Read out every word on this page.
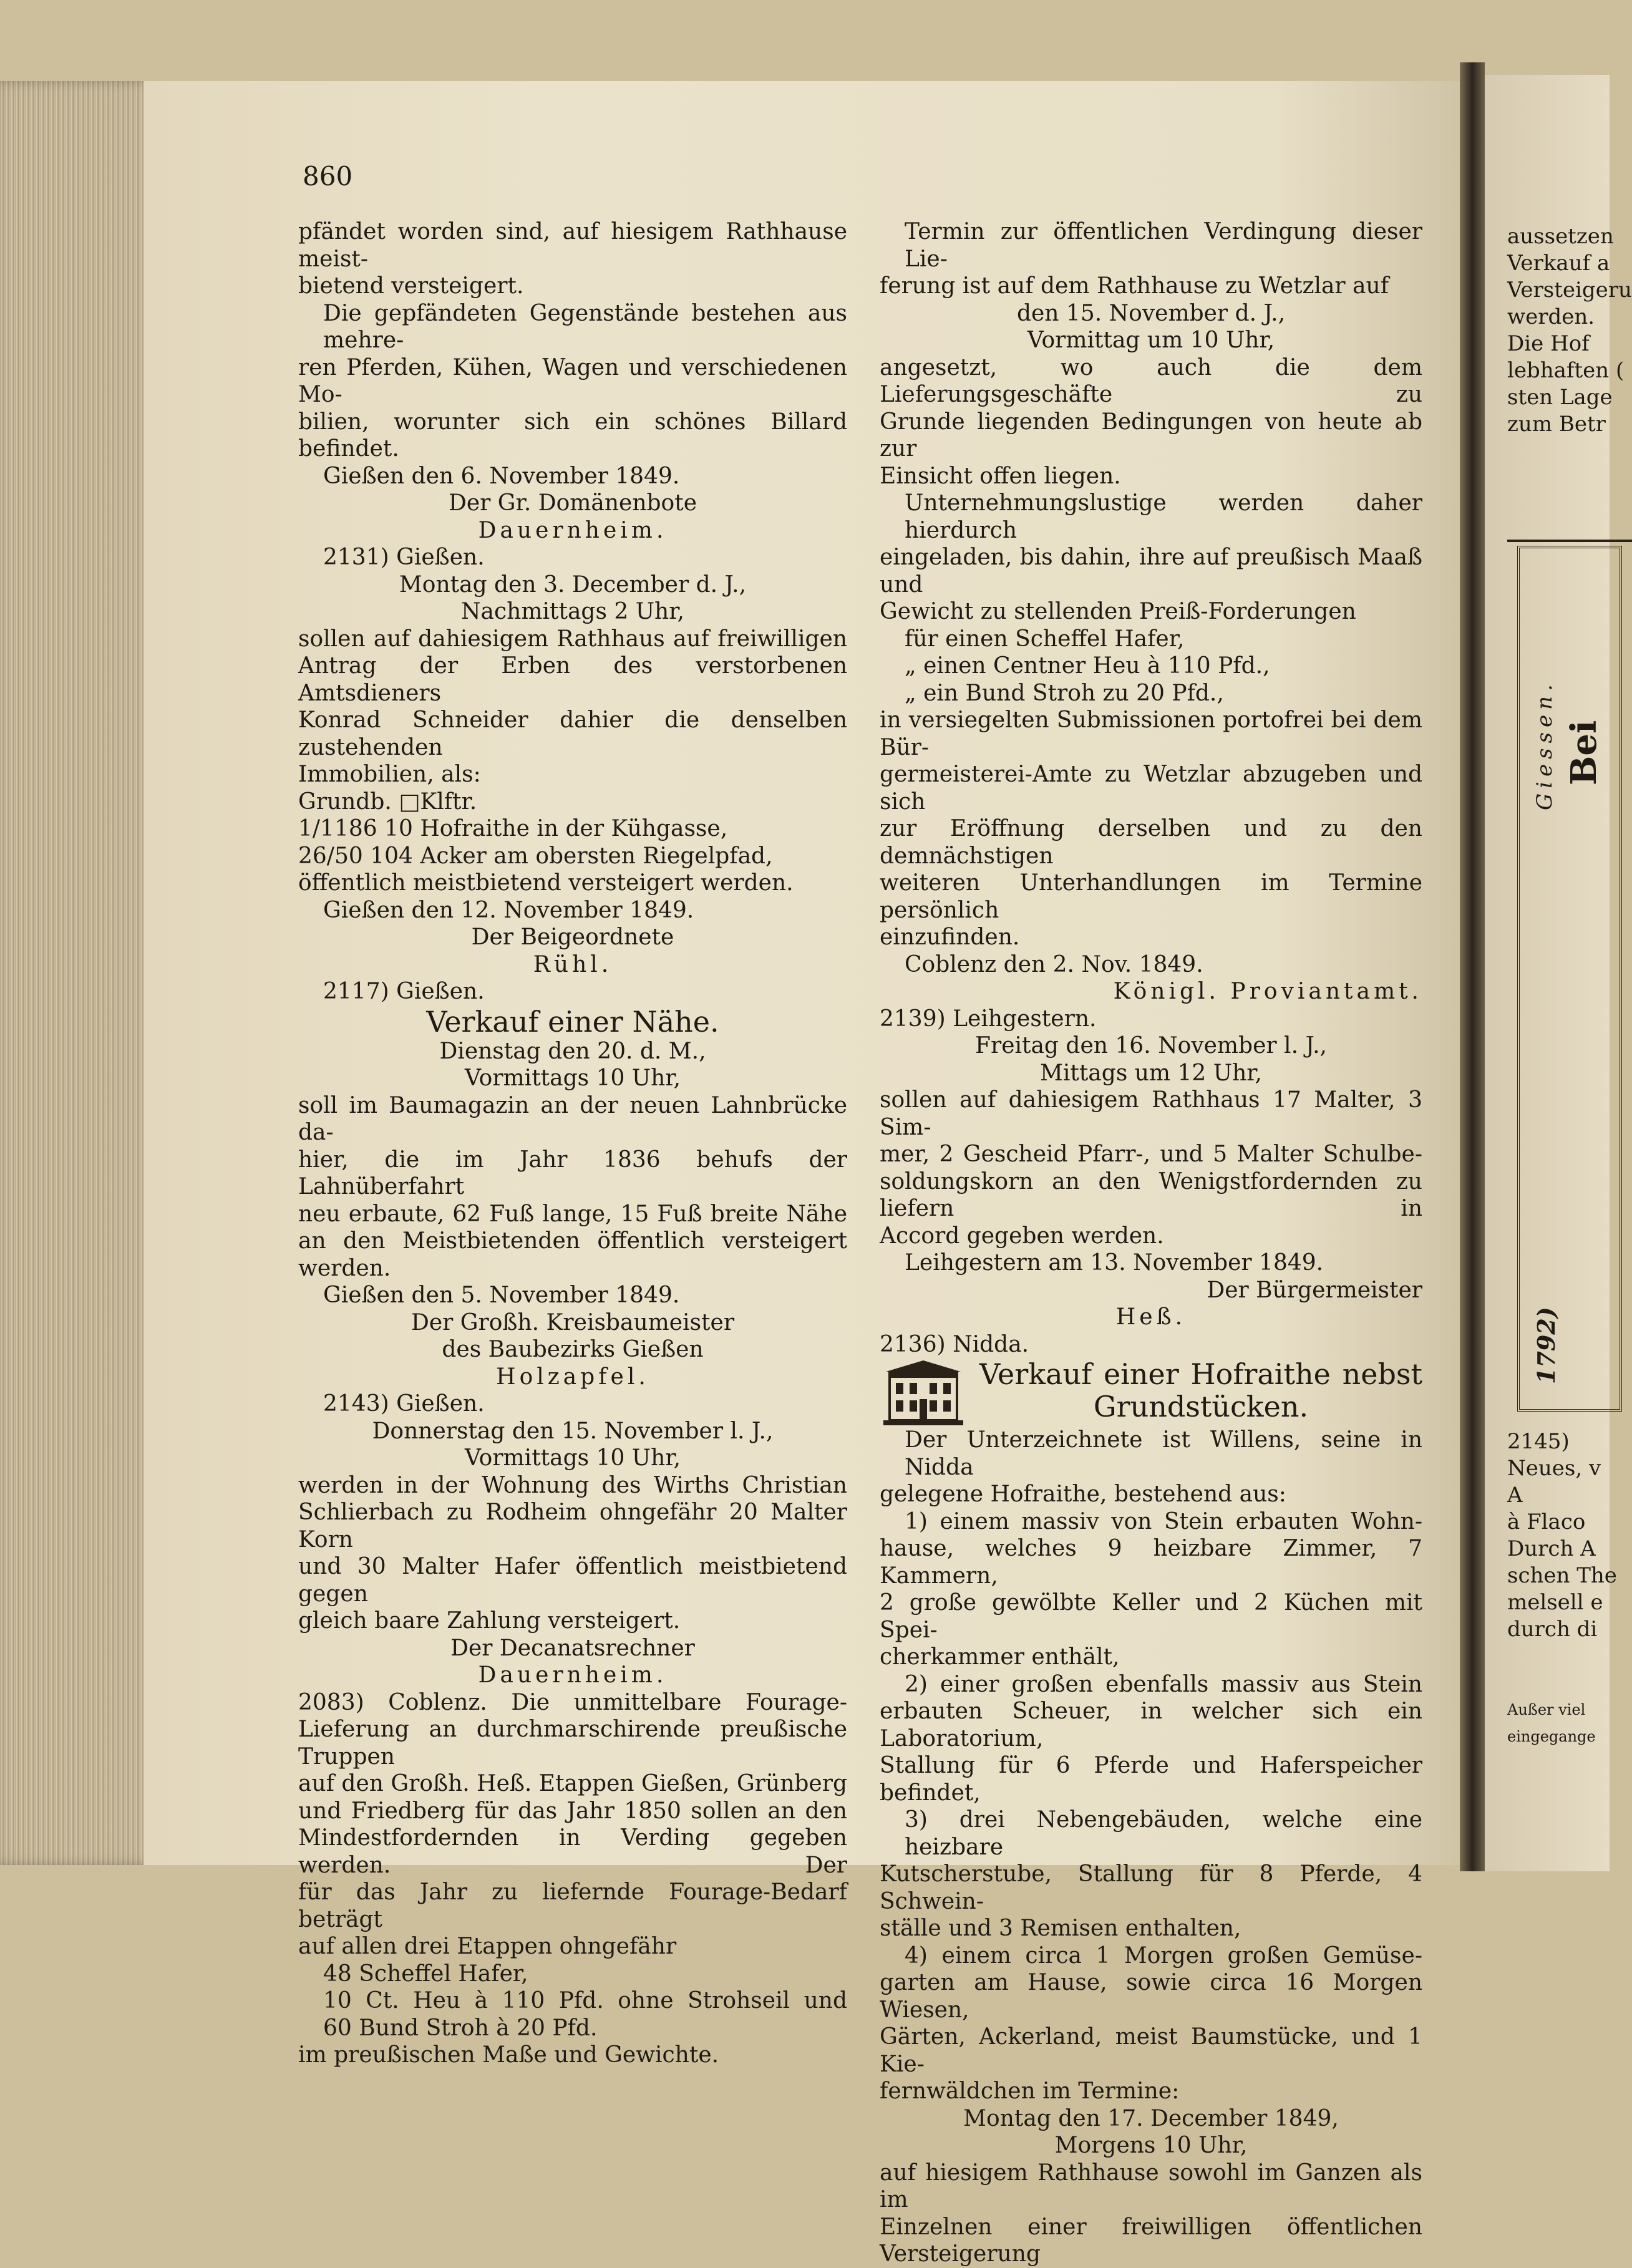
860
pfändet worden sind, auf hiesigem Rathhause meist-
bietend versteigert.
Die gepfändeten Gegenstände bestehen aus mehre-
ren Pferden, Kühen, Wagen und verschiedenen Mo-
bilien, worunter sich ein schönes Billard befindet.
Gießen den 6. November 1849.
Der Gr. Domänenbote
Dauernheim.
2131) Gießen.
Montag den 3. December d. J.,
Nachmittags 2 Uhr,
sollen auf dahiesigem Rathhaus auf freiwilligen
Antrag der Erben des verstorbenen Amtsdieners
Konrad Schneider dahier die denselben zustehenden
Immobilien, als:
Grundb. □Klftr.
1/1186 10 Hofraithe in der Kühgasse,
26/50 104 Acker am obersten Riegelpfad,
öffentlich meistbietend versteigert werden.
Gießen den 12. November 1849.
Der Beigeordnete
Rühl.
2117) Gießen.
Verkauf einer Nähe.
Dienstag den 20. d. M.,
Vormittags 10 Uhr,
soll im Baumagazin an der neuen Lahnbrücke da-
hier, die im Jahr 1836 behufs der Lahnüberfahrt
neu erbaute, 62 Fuß lange, 15 Fuß breite Nähe
an den Meistbietenden öffentlich versteigert werden.
Gießen den 5. November 1849.
Der Großh. Kreisbaumeister
des Baubezirks Gießen
Holzapfel.
2143) Gießen.
Donnerstag den 15. November l. J.,
Vormittags 10 Uhr,
werden in der Wohnung des Wirths Christian
Schlierbach zu Rodheim ohngefähr 20 Malter Korn
und 30 Malter Hafer öffentlich meistbietend gegen
gleich baare Zahlung versteigert.
Der Decanatsrechner
Dauernheim.
2083) Coblenz. Die unmittelbare Fourage-
Lieferung an durchmarschirende preußische Truppen
auf den Großh. Heß. Etappen Gießen, Grünberg
und Friedberg für das Jahr 1850 sollen an den
Mindestfordernden in Verding gegeben werden. Der
für das Jahr zu liefernde Fourage-Bedarf beträgt
auf allen drei Etappen ohngefähr
48 Scheffel Hafer,
10 Ct. Heu à 110 Pfd. ohne Strohseil und
60 Bund Stroh à 20 Pfd.
im preußischen Maße und Gewichte.
Termin zur öffentlichen Verdingung dieser Lie-
ferung ist auf dem Rathhause zu Wetzlar auf
den 15. November d. J.,
Vormittag um 10 Uhr,
angesetzt, wo auch die dem Lieferungsgeschäfte zu
Grunde liegenden Bedingungen von heute ab zur
Einsicht offen liegen.
Unternehmungslustige werden daher hierdurch
eingeladen, bis dahin, ihre auf preußisch Maaß und
Gewicht zu stellenden Preiß-Forderungen
für einen Scheffel Hafer,
„ einen Centner Heu à 110 Pfd.,
„ ein Bund Stroh zu 20 Pfd.,
in versiegelten Submissionen portofrei bei dem Bür-
germeisterei-Amte zu Wetzlar abzugeben und sich
zur Eröffnung derselben und zu den demnächstigen
weiteren Unterhandlungen im Termine persönlich
einzufinden.
Coblenz den 2. Nov. 1849.
Königl. Proviantamt.
2139) Leihgestern.
Freitag den 16. November l. J.,
Mittags um 12 Uhr,
sollen auf dahiesigem Rathhaus 17 Malter, 3 Sim-
mer, 2 Gescheid Pfarr-, und 5 Malter Schulbe-
soldungskorn an den Wenigstfordernden zu liefern in
Accord gegeben werden.
Leihgestern am 13. November 1849.
Der Bürgermeister
Heß.
2136) Nidda.
Verkauf einer Hofraithe nebst
Grundstücken.
Der Unterzeichnete ist Willens, seine in Nidda
gelegene Hofraithe, bestehend aus:
1) einem massiv von Stein erbauten Wohn-
hause, welches 9 heizbare Zimmer, 7 Kammern,
2 große gewölbte Keller und 2 Küchen mit Spei-
cherkammer enthält,
2) einer großen ebenfalls massiv aus Stein
erbauten Scheuer, in welcher sich ein Laboratorium,
Stallung für 6 Pferde und Haferspeicher befindet,
3) drei Nebengebäuden, welche eine heizbare
Kutscherstube, Stallung für 8 Pferde, 4 Schwein-
ställe und 3 Remisen enthalten,
4) einem circa 1 Morgen großen Gemüse-
garten am Hause, sowie circa 16 Morgen Wiesen,
Gärten, Ackerland, meist Baumstücke, und 1 Kie-
fernwäldchen im Termine:
Montag den 17. December 1849,
Morgens 10 Uhr,
auf hiesigem Rathhause sowohl im Ganzen als im
Einzelnen einer freiwilligen öffentlichen Versteigerung
aussetzen
Verkauf a
Versteigeru
werden.
Die Hof
lebhaften (
sten Lage
zum Betr
Giessen. Bei
1792)
2145)
Neues, v
A
à Flaco
Durch A
schen The
melsell e
durch di
Außer viel
eingegange
